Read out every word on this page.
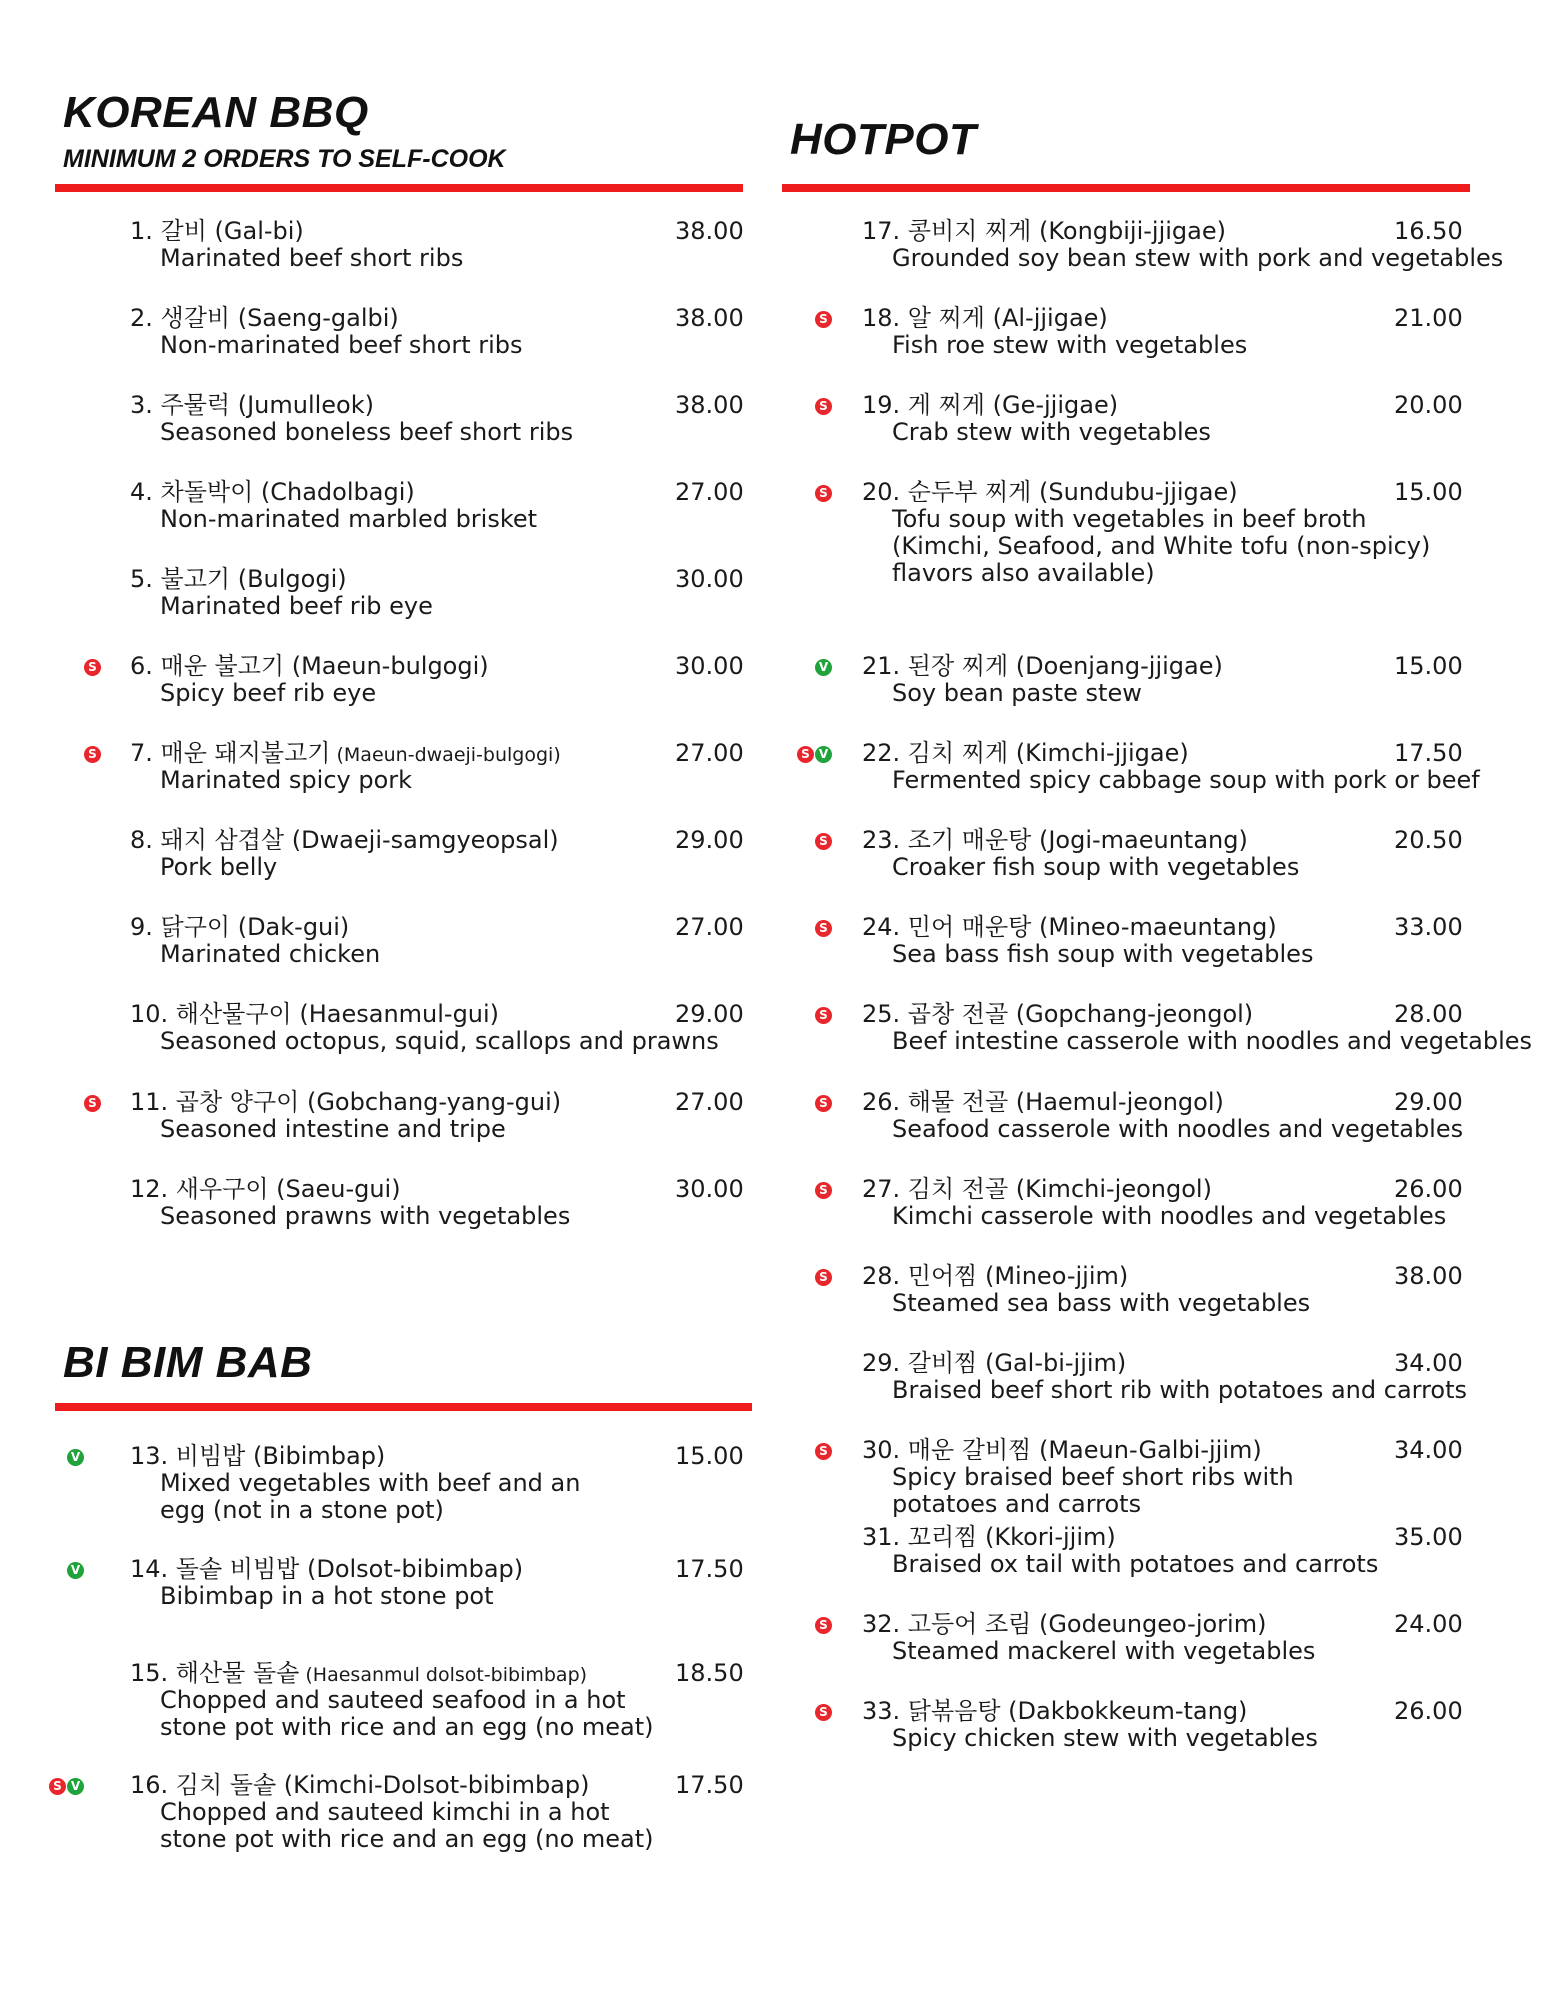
KOREAN BBQ
MINIMUM 2 ORDERS TO SELF-COOK
1. 갈비 (Gal-bi)	38.00
Marinated beef short ribs
2. 생갈비 (Saeng-galbi)	38.00
Non-marinated beef short ribs
3. 주물럭 (Jumulleok)	38.00
Seasoned boneless beef short ribs
4. 차돌박이 (Chadolbagi)	27.00
Non-marinated marbled brisket
5. 불고기 (Bulgogi)	30.00
Marinated beef rib eye
S 6. 매운 불고기 (Maeun-bulgogi)	30.00
Spicy beef rib eye
S 7. 매운 돼지불고기 (Maeun-dwaeji-bulgogi)	27.00
Marinated spicy pork
8. 돼지 삼겹살 (Dwaeji-samgyeopsal)	29.00
Pork belly
9. 닭구이 (Dak-gui)	27.00
Marinated chicken
10. 해산물구이 (Haesanmul-gui)	29.00
Seasoned octopus, squid, scallops and prawns
S 11. 곱창 양구이 (Gobchang-yang-gui)	27.00
Seasoned intestine and tripe
12. 새우구이 (Saeu-gui)	30.00
Seasoned prawns with vegetables
BI BIM BAB
V 13. 비빔밥 (Bibimbap)	15.00
Mixed vegetables with beef and an
egg (not in a stone pot)
V 14. 돌솥 비빔밥 (Dolsot-bibimbap)	17.50
Bibimbap in a hot stone pot
15. 해산물 돌솥 (Haesanmul dolsot-bibimbap)	18.50
Chopped and sauteed seafood in a hot
stone pot with rice and an egg (no meat)
S V 16. 김치 돌솥 (Kimchi-Dolsot-bibimbap)	17.50
Chopped and sauteed kimchi in a hot
stone pot with rice and an egg (no meat)
HOTPOT
17. 콩비지 찌게 (Kongbiji-jjigae)	16.50
Grounded soy bean stew with pork and vegetables
S 18. 알 찌게 (Al-jjigae)	21.00
Fish roe stew with vegetables
S 19. 게 찌게 (Ge-jjigae)	20.00
Crab stew with vegetables
S 20. 순두부 찌게 (Sundubu-jjigae)	15.00
Tofu soup with vegetables in beef broth
(Kimchi, Seafood, and White tofu (non-spicy)
flavors also available)
V 21. 된장 찌게 (Doenjang-jjigae)	15.00
Soy bean paste stew
S V 22. 김치 찌게 (Kimchi-jjigae)	17.50
Fermented spicy cabbage soup with pork or beef
S 23. 조기 매운탕 (Jogi-maeuntang)	20.50
Croaker fish soup with vegetables
S 24. 민어 매운탕 (Mineo-maeuntang)	33.00
Sea bass fish soup with vegetables
S 25. 곱창 전골 (Gopchang-jeongol)	28.00
Beef intestine casserole with noodles and vegetables
S 26. 해물 전골 (Haemul-jeongol)	29.00
Seafood casserole with noodles and vegetables
S 27. 김치 전골 (Kimchi-jeongol)	26.00
Kimchi casserole with noodles and vegetables
S 28. 민어찜 (Mineo-jjim)	38.00
Steamed sea bass with vegetables
29. 갈비찜 (Gal-bi-jjim)	34.00
Braised beef short rib with potatoes and carrots
S 30. 매운 갈비찜 (Maeun-Galbi-jjim)	34.00
Spicy braised beef short ribs with
potatoes and carrots
31. 꼬리찜 (Kkori-jjim)	35.00
Braised ox tail with potatoes and carrots
S 32. 고등어 조림 (Godeungeo-jorim)	24.00
Steamed mackerel with vegetables
S 33. 닭볶음탕 (Dakbokkeum-tang)	26.00
Spicy chicken stew with vegetables
